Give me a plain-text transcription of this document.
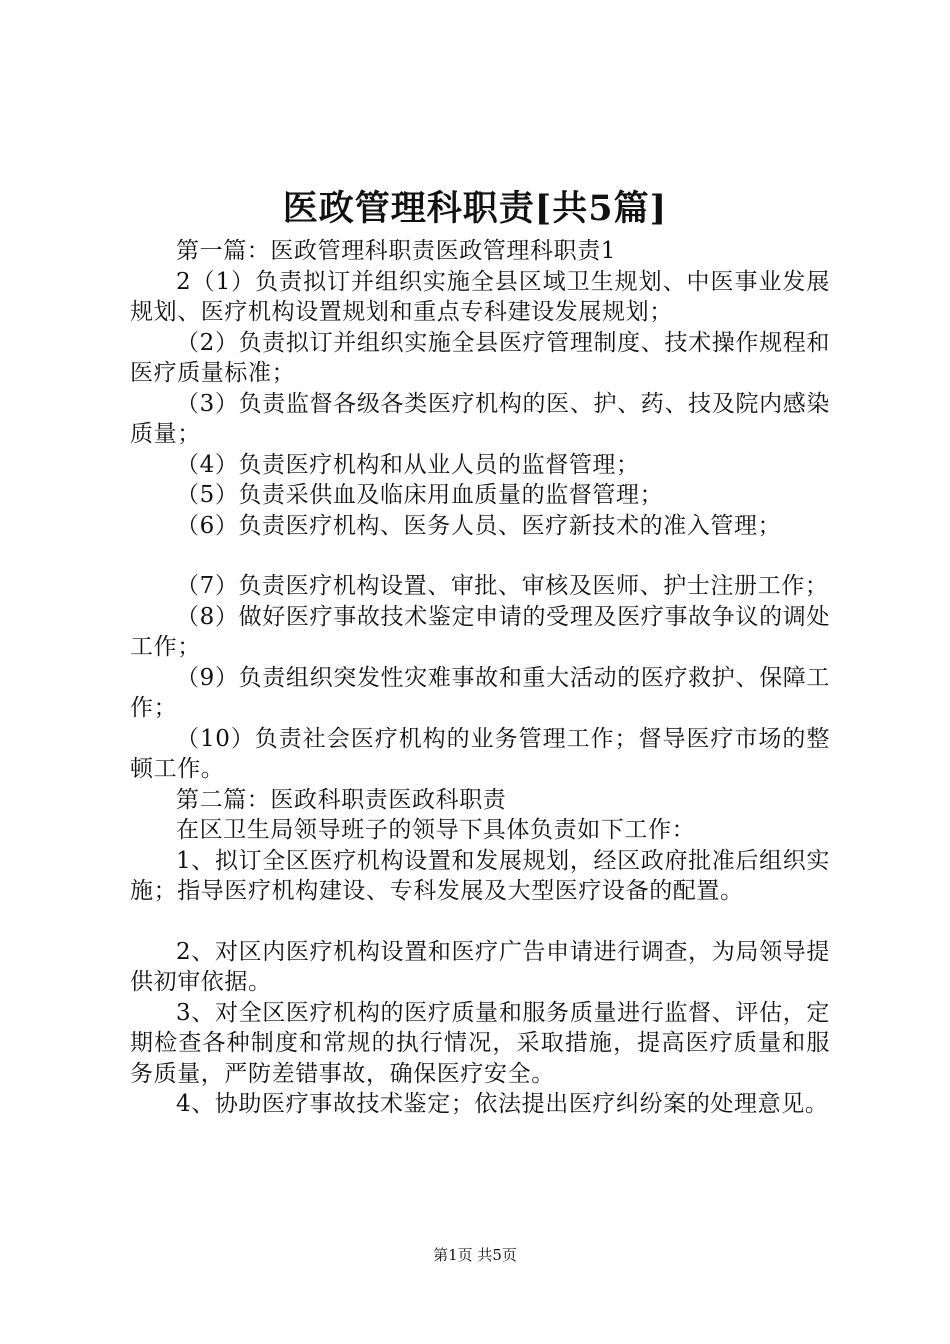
医政管理科职责[共5篇]

第一篇：医政管理科职责医政管理科职责1

2（1）负责拟订并组织实施全县区域卫生规划、中医事业发展规划、医疗机构设置规划和重点专科建设发展规划；

（2）负责拟订并组织实施全县医疗管理制度、技术操作规程和医疗质量标准；

（3）负责监督各级各类医疗机构的医、护、药、技及院内感染质量；

（4）负责医疗机构和从业人员的监督管理；

（5）负责采供血及临床用血质量的监督管理；

（6）负责医疗机构、医务人员、医疗新技术的准入管理；

（7）负责医疗机构设置、审批、审核及医师、护士注册工作；

（8）做好医疗事故技术鉴定申请的受理及医疗事故争议的调处工作；

（9）负责组织突发性灾难事故和重大活动的医疗救护、保障工作；

（10）负责社会医疗机构的业务管理工作；督导医疗市场的整顿工作。

第二篇：医政科职责医政科职责

在区卫生局领导班子的领导下具体负责如下工作：

1、拟订全区医疗机构设置和发展规划，经区政府批准后组织实施；指导医疗机构建设、专科发展及大型医疗设备的配置。

2、对区内医疗机构设置和医疗广告申请进行调查，为局领导提供初审依据。

3、对全区医疗机构的医疗质量和服务质量进行监督、评估，定期检查各种制度和常规的执行情况，采取措施，提高医疗质量和服务质量，严防差错事故，确保医疗安全。

4、协助医疗事故技术鉴定；依法提出医疗纠纷案的处理意见。

第1页 共5页
